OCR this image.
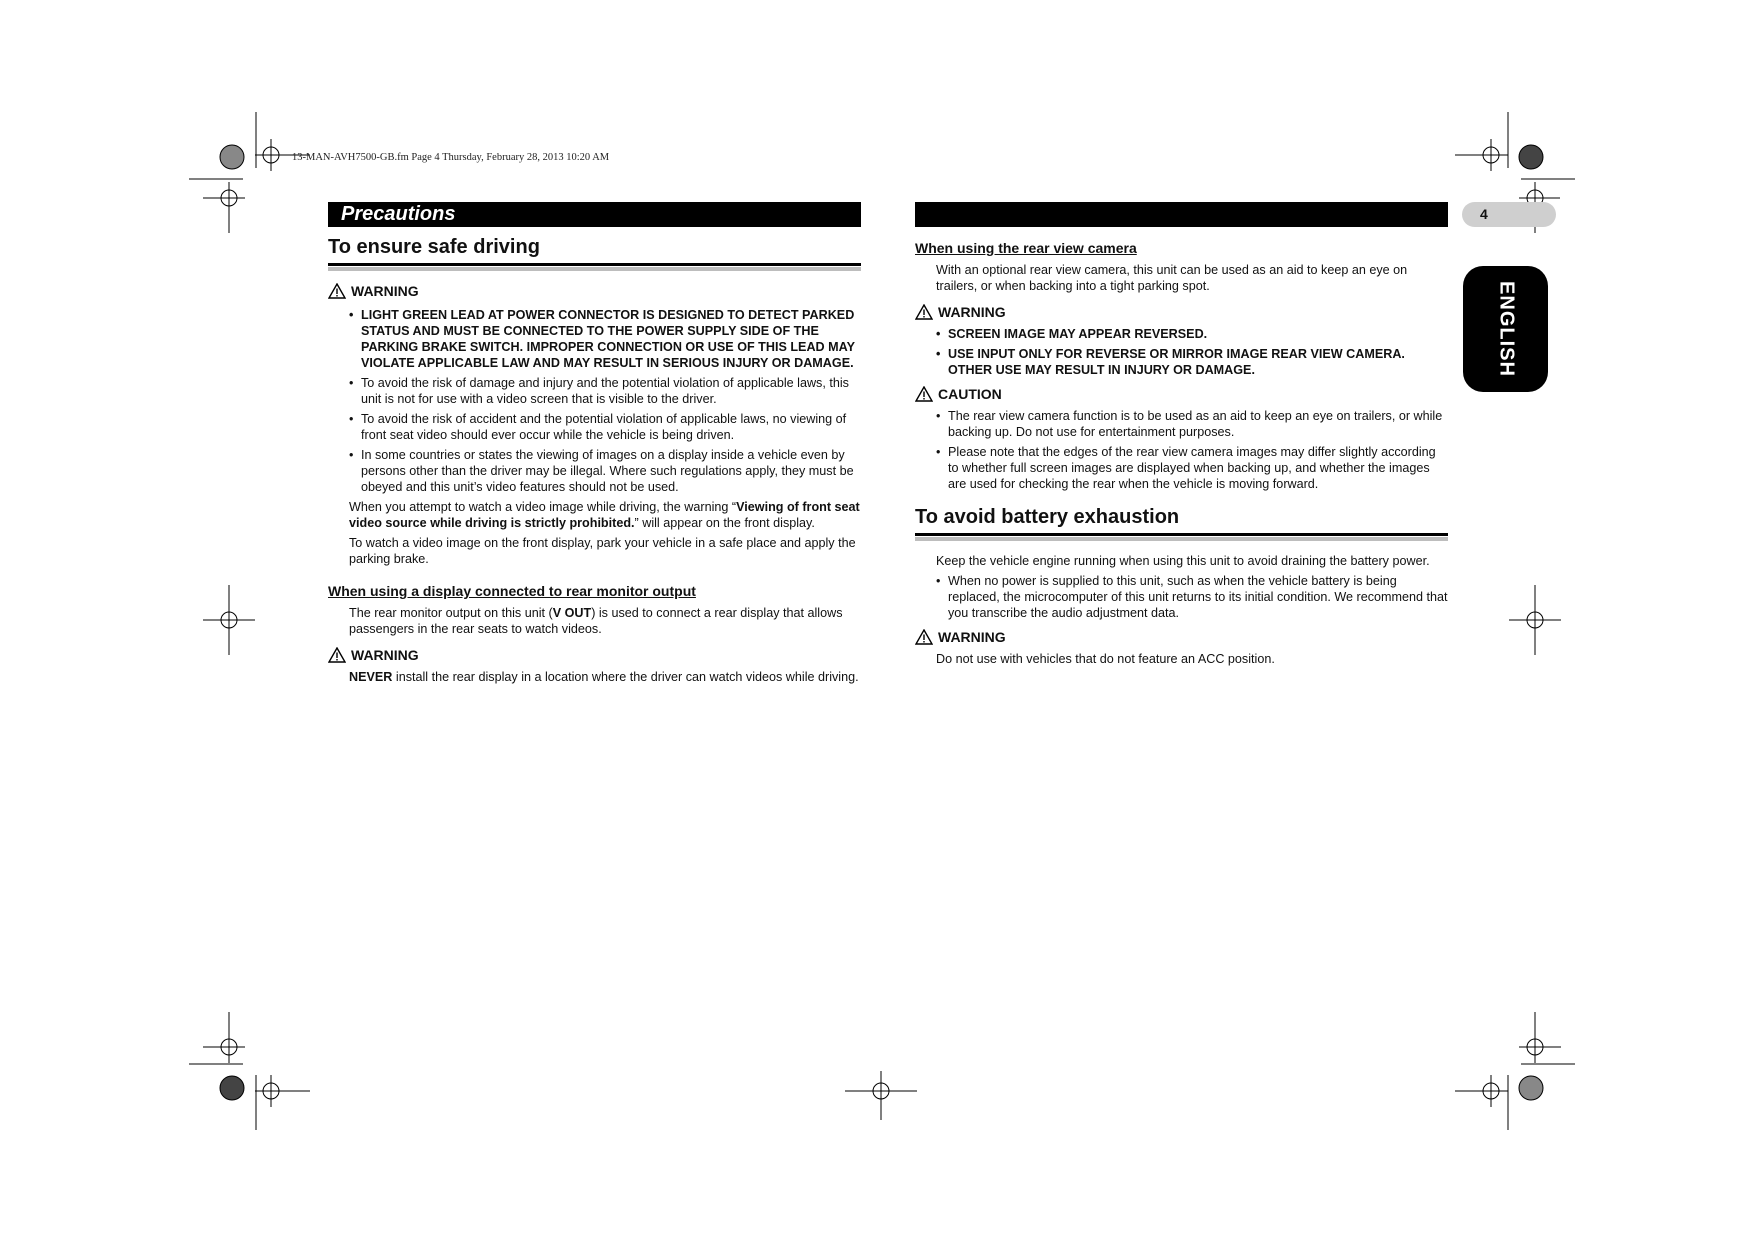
13-MAN-AVH7500-GB.fm Page 4 Thursday, February 28, 2013 10:20 AM
Precautions	4
ENGLISH
To ensure safe driving
WARNING
• LIGHT GREEN LEAD AT POWER CONNECTOR IS DESIGNED TO DETECT PARKED STATUS AND MUST BE CONNECTED TO THE POWER SUPPLY SIDE OF THE PARKING BRAKE SWITCH. IMPROPER CONNECTION OR USE OF THIS LEAD MAY VIOLATE APPLICABLE LAW AND MAY RESULT IN SERIOUS INJURY OR DAMAGE.
• To avoid the risk of damage and injury and the potential violation of applicable laws, this unit is not for use with a video screen that is visible to the driver.
• To avoid the risk of accident and the potential violation of applicable laws, no viewing of front seat video should ever occur while the vehicle is being driven.
• In some countries or states the viewing of images on a display inside a vehicle even by persons other than the driver may be illegal. Where such regulations apply, they must be obeyed and this unit’s video features should not be used.

When you attempt to watch a video image while driving, the warning “Viewing of front seat video source while driving is strictly prohibited.” will appear on the front display.

To watch a video image on the front display, park your vehicle in a safe place and apply the parking brake.

When using a display connected to rear monitor output

The rear monitor output on this unit (V OUT) is used to connect a rear display that allows passengers in the rear seats to watch videos.

WARNING

NEVER install the rear display in a location where the driver can watch videos while driving.

When using the rear view camera

With an optional rear view camera, this unit can be used as an aid to keep an eye on trailers, or when backing into a tight parking spot.

WARNING
• SCREEN IMAGE MAY APPEAR REVERSED.
• USE INPUT ONLY FOR REVERSE OR MIRROR IMAGE REAR VIEW CAMERA. OTHER USE MAY RESULT IN INJURY OR DAMAGE.
CAUTION
• The rear view camera function is to be used as an aid to keep an eye on trailers, or while backing up. Do not use for entertainment purposes.
• Please note that the edges of the rear view camera images may differ slightly according to whether full screen images are displayed when backing up, and whether the images are used for checking the rear when the vehicle is moving forward.
To avoid battery exhaustion

Keep the vehicle engine running when using this unit to avoid draining the battery power.

• When no power is supplied to this unit, such as when the vehicle battery is being replaced, the microcomputer of this unit returns to its initial condition. We recommend that you transcribe the audio adjustment data.
WARNING

Do not use with vehicles that do not feature an ACC position.
